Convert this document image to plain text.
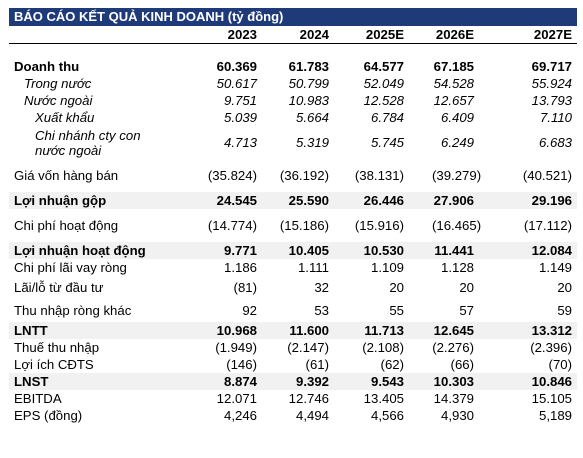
BÁO CÁO KẾT QUẢ KINH DOANH (tỷ đồng)
	2023	2024	2025E	2026E	2027E

Doanh thu	60.369	61.783	64.577	67.185	69.717
Trong nước	50.617	50.799	52.049	54.528	55.924
Nước ngoài	9.751	10.983	12.528	12.657	13.793
Xuất khẩu	5.039	5.664	6.784	6.409	7.110
Chi nhánh cty con nước ngoài	4.713	5.319	5.745	6.249	6.683
Giá vốn hàng bán	(35.824)	(36.192)	(38.131)	(39.279)	(40.521)
Lợi nhuận gộp	24.545	25.590	26.446	27.906	29.196
Chi phí hoạt động	(14.774)	(15.186)	(15.916)	(16.465)	(17.112)
Lợi nhuận hoạt động	9.771	10.405	10.530	11.441	12.084
Chi phí lãi vay ròng	1.186	1.111	1.109	1.128	1.149
Lãi/lỗ từ đầu tư	(81)	32	20	20	20
Thu nhập ròng khác	92	53	55	57	59
LNTT	10.968	11.600	11.713	12.645	13.312
Thuế thu nhập	(1.949)	(2.147)	(2.108)	(2.276)	(2.396)
Lợi ích CĐTS	(146)	(61)	(62)	(66)	(70)
LNST	8.874	9.392	9.543	10.303	10.846
EBITDA	12.071	12.746	13.405	14.379	15.105
EPS (đồng)	4,246	4,494	4,566	4,930	5,189
